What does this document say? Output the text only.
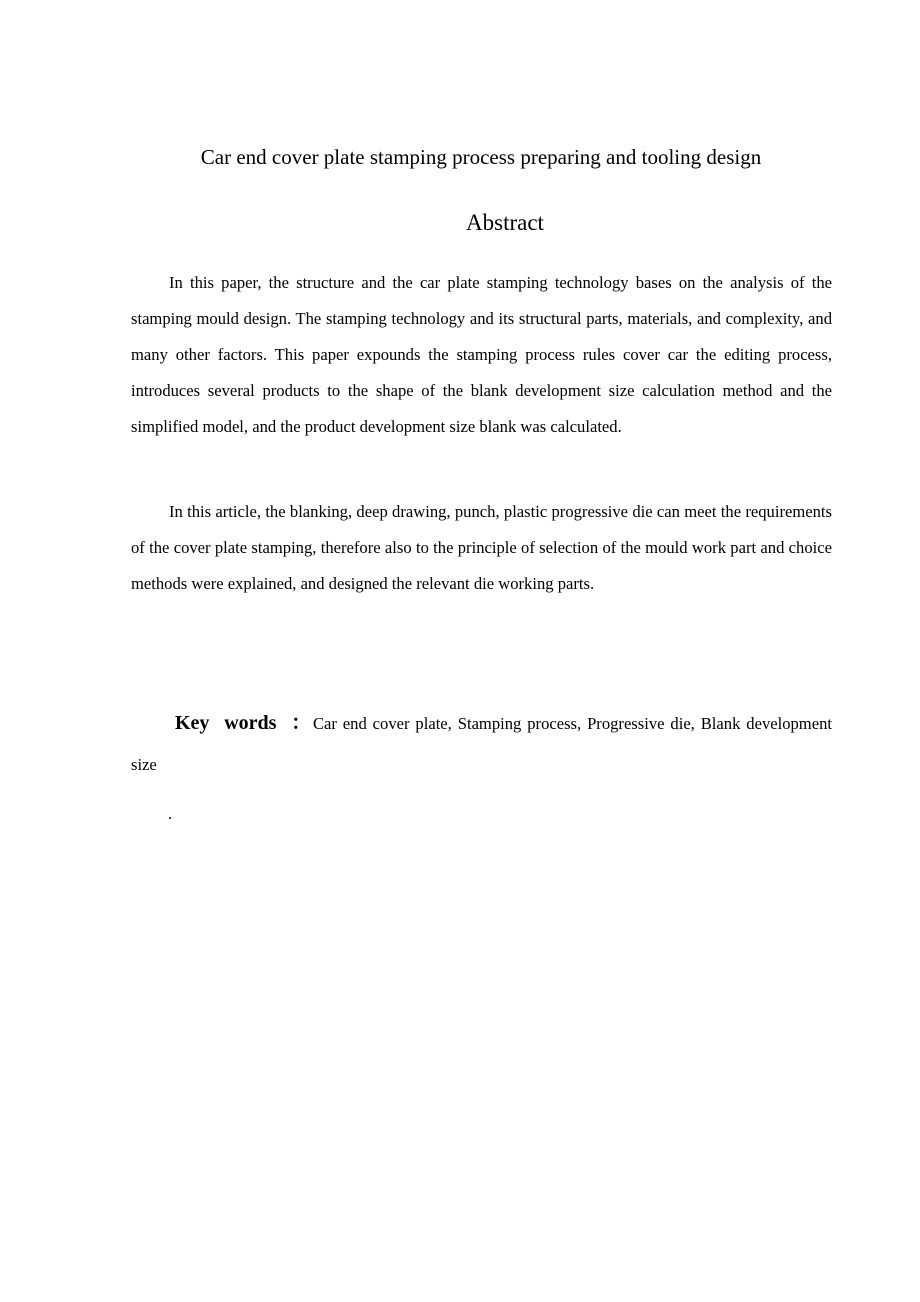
Car end cover plate stamping process preparing and tooling design
Abstract

In this paper, the structure and the car plate stamping technology bases on the analysis of the stamping mould design. The stamping technology and its structural parts, materials, and complexity, and many other factors. This paper expounds the stamping process rules cover car the editing process, introduces several products to the shape of the blank development size calculation method and the simplified model, and the product development size blank was calculated.

In this article, the blanking, deep drawing, punch, plastic progressive die can meet the requirements of the cover plate stamping, therefore also to the principle of selection of the mould work part and choice methods were explained, and designed the relevant die working parts.

Key words ：Car end cover plate, Stamping process, Progressive die, Blank development size

.
